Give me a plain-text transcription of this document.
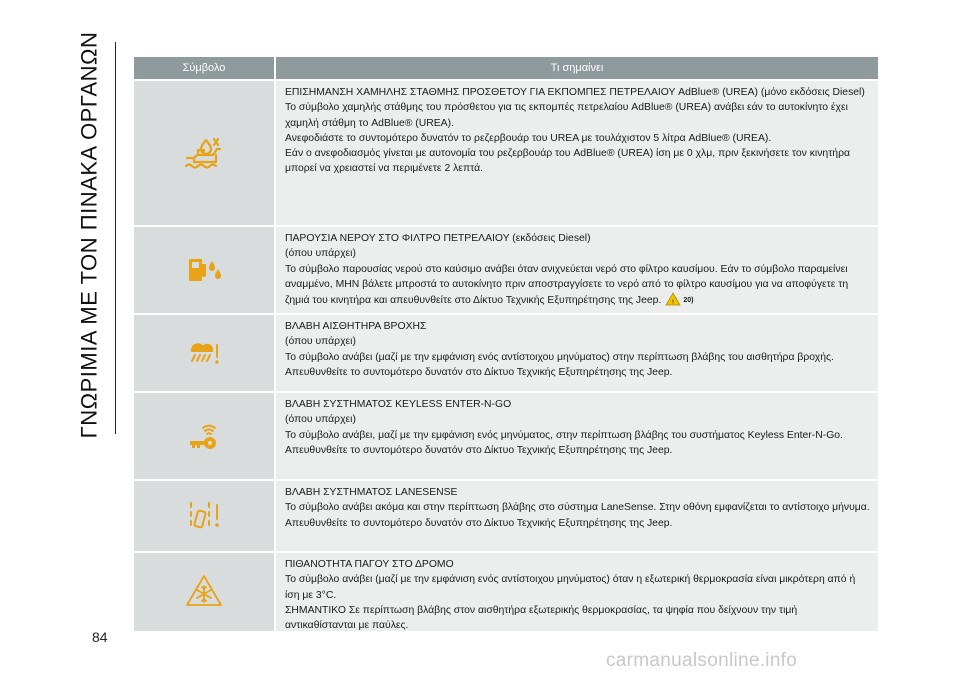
ΓΝΩΡΙΜΙΑ ΜΕ ΤΟΝ ΠΙΝΑΚΑ ΟΡΓΑΝΩΝ	Σύμβολο	Τι σημαίνει

ΕΠΙΣΗΜΑΝΣΗ ΧΑΜΗΛΗΣ ΣΤΑΘΜΗΣ ΠΡΟΣΘΕΤΟΥ ΓΙΑ ΕΚΠΟΜΠΕΣ ΠΕΤΡΕΛΑΙΟΥ AdBlue® (UREA) (μόνο εκδόσεις Diesel)

Το σύμβολο χαμηλής στάθμης του πρόσθετου για τις εκπομπές πετρελαίου AdBlue® (UREA) ανάβει εάν το αυτοκίνητο έχει χαμηλή στάθμη το AdBlue® (UREA).

Ανεφοδιάστε το συντομότερο δυνατόν το ρεζερβουάρ του UREA με τουλάχιστον 5 λίτρα AdBlue® (UREA).

Εάν ο ανεφοδιασμός γίνεται με αυτονομία του ρεζερβουάρ του AdBlue® (UREA) ίση με 0 χλμ, πριν ξεκινήσετε τον κινητήρα μπορεί να χρειαστεί να περιμένετε 2 λεπτά.

ΠΑΡΟΥΣΙΑ ΝΕΡΟΥ ΣΤΟ ΦΙΛΤΡΟ ΠΕΤΡΕΛΑΙΟΥ (εκδόσεις Diesel)

(όπου υπάρχει)

Το σύμβολο παρουσίας νερού στο καύσιμο ανάβει όταν ανιχνεύεται νερό στο φίλτρο καυσίμου. Εάν το σύμβολο παραμείνει αναμμένο, ΜΗΝ βάλετε μπροστά το αυτοκίνητο πριν αποστραγγίσετε το νερό από το φίλτρο καυσίμου για να αποφύγετε τη ζημιά του κινητήρα και απευθυνθείτε στο Δίκτυο Τεχνικής Εξυπηρέτησης της Jeep. ! 20)

ΒΛΑΒΗ ΑΙΣΘΗΤΗΡΑ ΒΡΟΧΗΣ

(όπου υπάρχει)

Το σύμβολο ανάβει (μαζί με την εμφάνιση ενός αντίστοιχου μηνύματος) στην περίπτωση βλάβης του αισθητήρα βροχής.

Απευθυνθείτε το συντομότερο δυνατόν στο Δίκτυο Τεχνικής Εξυπηρέτησης της Jeep.

ΒΛΑΒΗ ΣΥΣΤΗΜΑΤΟΣ KEYLESS ENTER-N-GO

(όπου υπάρχει)

Το σύμβολο ανάβει, μαζί με την εμφάνιση ενός μηνύματος, στην περίπτωση βλάβης του συστήματος Keyless Enter-N-Go.

Απευθυνθείτε το συντομότερο δυνατόν στο Δίκτυο Τεχνικής Εξυπηρέτησης της Jeep.

ΒΛΑΒΗ ΣΥΣΤΗΜΑΤΟΣ LANESENSE

Το σύμβολο ανάβει ακόμα και στην περίπτωση βλάβης στο σύστημα LaneSense. Στην οθόνη εμφανίζεται το αντίστοιχο μήνυμα.

Απευθυνθείτε το συντομότερο δυνατόν στο Δίκτυο Τεχνικής Εξυπηρέτησης της Jeep.

ΠΙΘΑΝΟΤΗΤΑ ΠΑΓΟΥ ΣΤΟ ΔΡΟΜΟ

Το σύμβολο ανάβει (μαζί με την εμφάνιση ενός αντίστοιχου μηνύματος) όταν η εξωτερική θερμοκρασία είναι μικρότερη από ή ίση με 3°C.

ΣΗΜΑΝΤΙΚΟ Σε περίπτωση βλάβης στον αισθητήρα εξωτερικής θερμοκρασίας, τα ψηφία που δείχνουν την τιμή αντικαθίστανται με παύλες.

84
carmanualsonline.info
